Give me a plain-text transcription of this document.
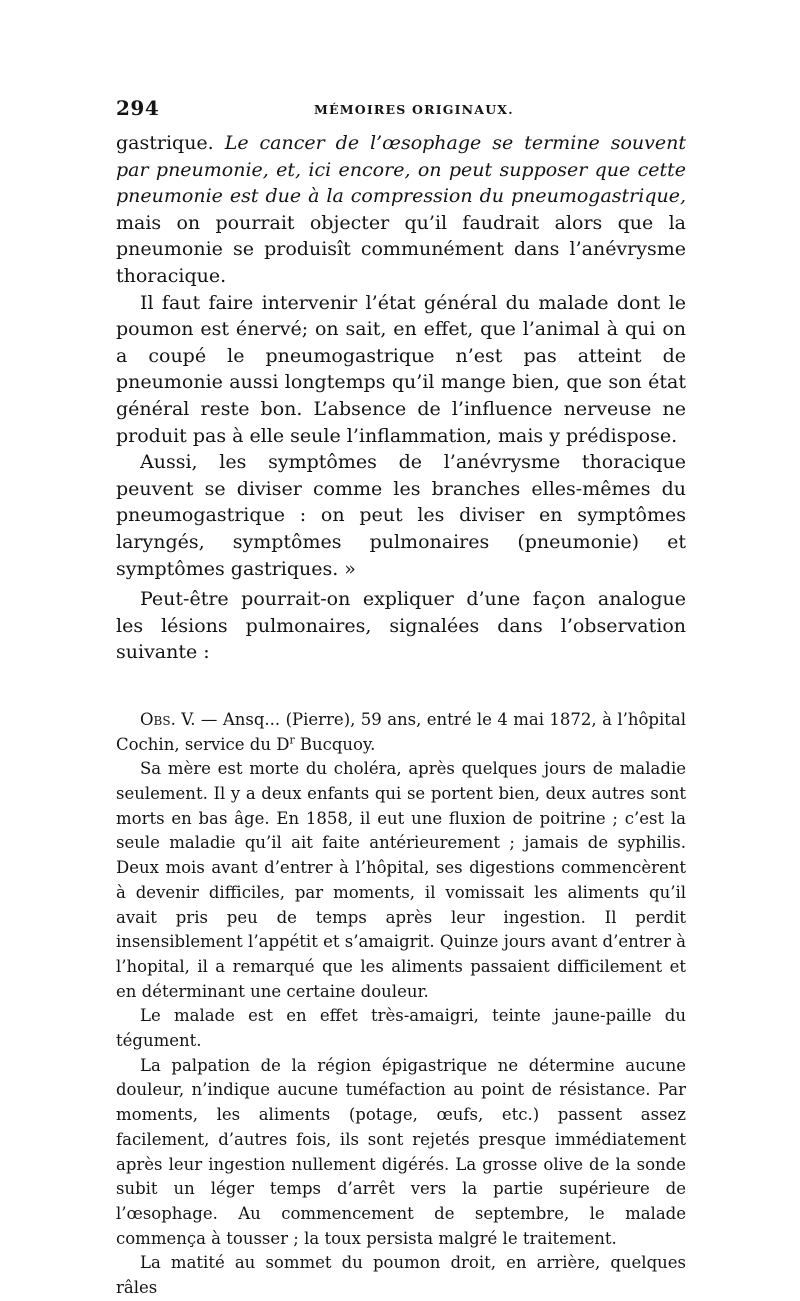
294	MÉMOIRES ORIGINAUX.

gastrique. Le cancer de l’œsophage se termine souvent par pneumonie, et, ici encore, on peut supposer que cette pneumonie est due à la compression du pneumogastrique, mais on pourrait objecter qu’il faudrait alors que la pneumonie se produisît communément dans l’anévrysme thoracique.

Il faut faire intervenir l’état général du malade dont le poumon est énervé; on sait, en effet, que l’animal à qui on a coupé le pneumogastrique n’est pas atteint de pneumonie aussi longtemps qu’il mange bien, que son état général reste bon. L’absence de l’influence nerveuse ne produit pas à elle seule l’inflammation, mais y prédispose.

Aussi, les symptômes de l’anévrysme thoracique peuvent se diviser comme les branches elles-mêmes du pneumogastrique : on peut les diviser en symptômes laryngés, symptômes pulmonaires (pneumonie) et symptômes gastriques. »

Peut-être pourrait-on expliquer d’une façon analogue les lésions pulmonaires, signalées dans l’observation suivante :

Obs. V. — Ansq... (Pierre), 59 ans, entré le 4 mai 1872, à l’hôpital Cochin, service du $D^r$ Bucquoy.

Sa mère est morte du choléra, après quelques jours de maladie seulement. Il y a deux enfants qui se portent bien, deux autres sont morts en bas âge. En 1858, il eut une fluxion de poitrine ; c’est la seule maladie qu’il ait faite antérieurement ; jamais de syphilis. Deux mois avant d’entrer à l’hôpital, ses digestions commencèrent à devenir difficiles, par moments, il vomissait les aliments qu’il avait pris peu de temps après leur ingestion. Il perdit insensiblement l’appétit et s’amaigrit. Quinze jours avant d’entrer à l’hopital, il a remarqué que les aliments passaient difficilement et en déterminant une certaine douleur.

Le malade est en effet très-amaigri, teinte jaune-paille du tégument.

La palpation de la région épigastrique ne détermine aucune douleur, n’indique aucune tuméfaction au point de résistance. Par moments, les aliments (potage, œufs, etc.) passent assez facilement, d’autres fois, ils sont rejetés presque immédiatement après leur ingestion nullement digérés. La grosse olive de la sonde subit un léger temps d’arrêt vers la partie supérieure de l’œsophage. Au commencement de septembre, le malade commença à tousser ; la toux persista malgré le traitement.

La matité au sommet du poumon droit, en arrière, quelques râles
